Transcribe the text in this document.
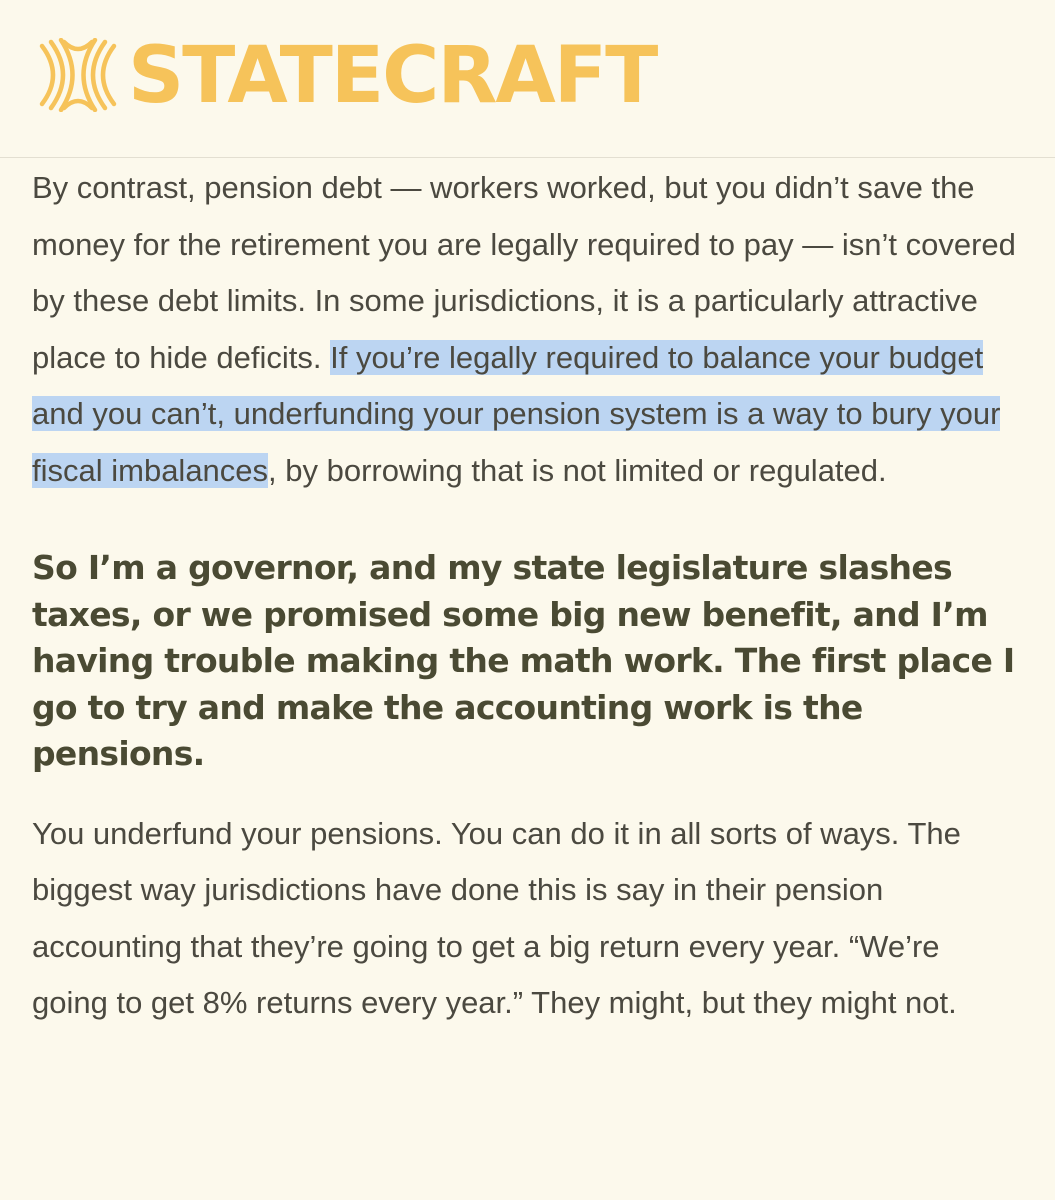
STATECRAFT

By contrast, pension debt — workers worked, but you didn’t save the money for the retirement you are legally required to pay — isn’t covered by these debt limits. In some jurisdictions, it is a particularly attractive place to hide deficits. If you’re legally required to balance your budget and you can’t, underfunding your pension system is a way to bury your fiscal imbalances, by borrowing that is not limited or regulated.

So I’m a governor, and my state legislature slashes taxes, or we promised some big new benefit, and I’m having trouble making the math work. The first place I go to try and make the accounting work is the pensions.

You underfund your pensions. You can do it in all sorts of ways. The biggest way jurisdictions have done this is say in their pension accounting that they’re going to get a big return every year. “We’re going to get 8% returns every year.” They might, but they might not.
